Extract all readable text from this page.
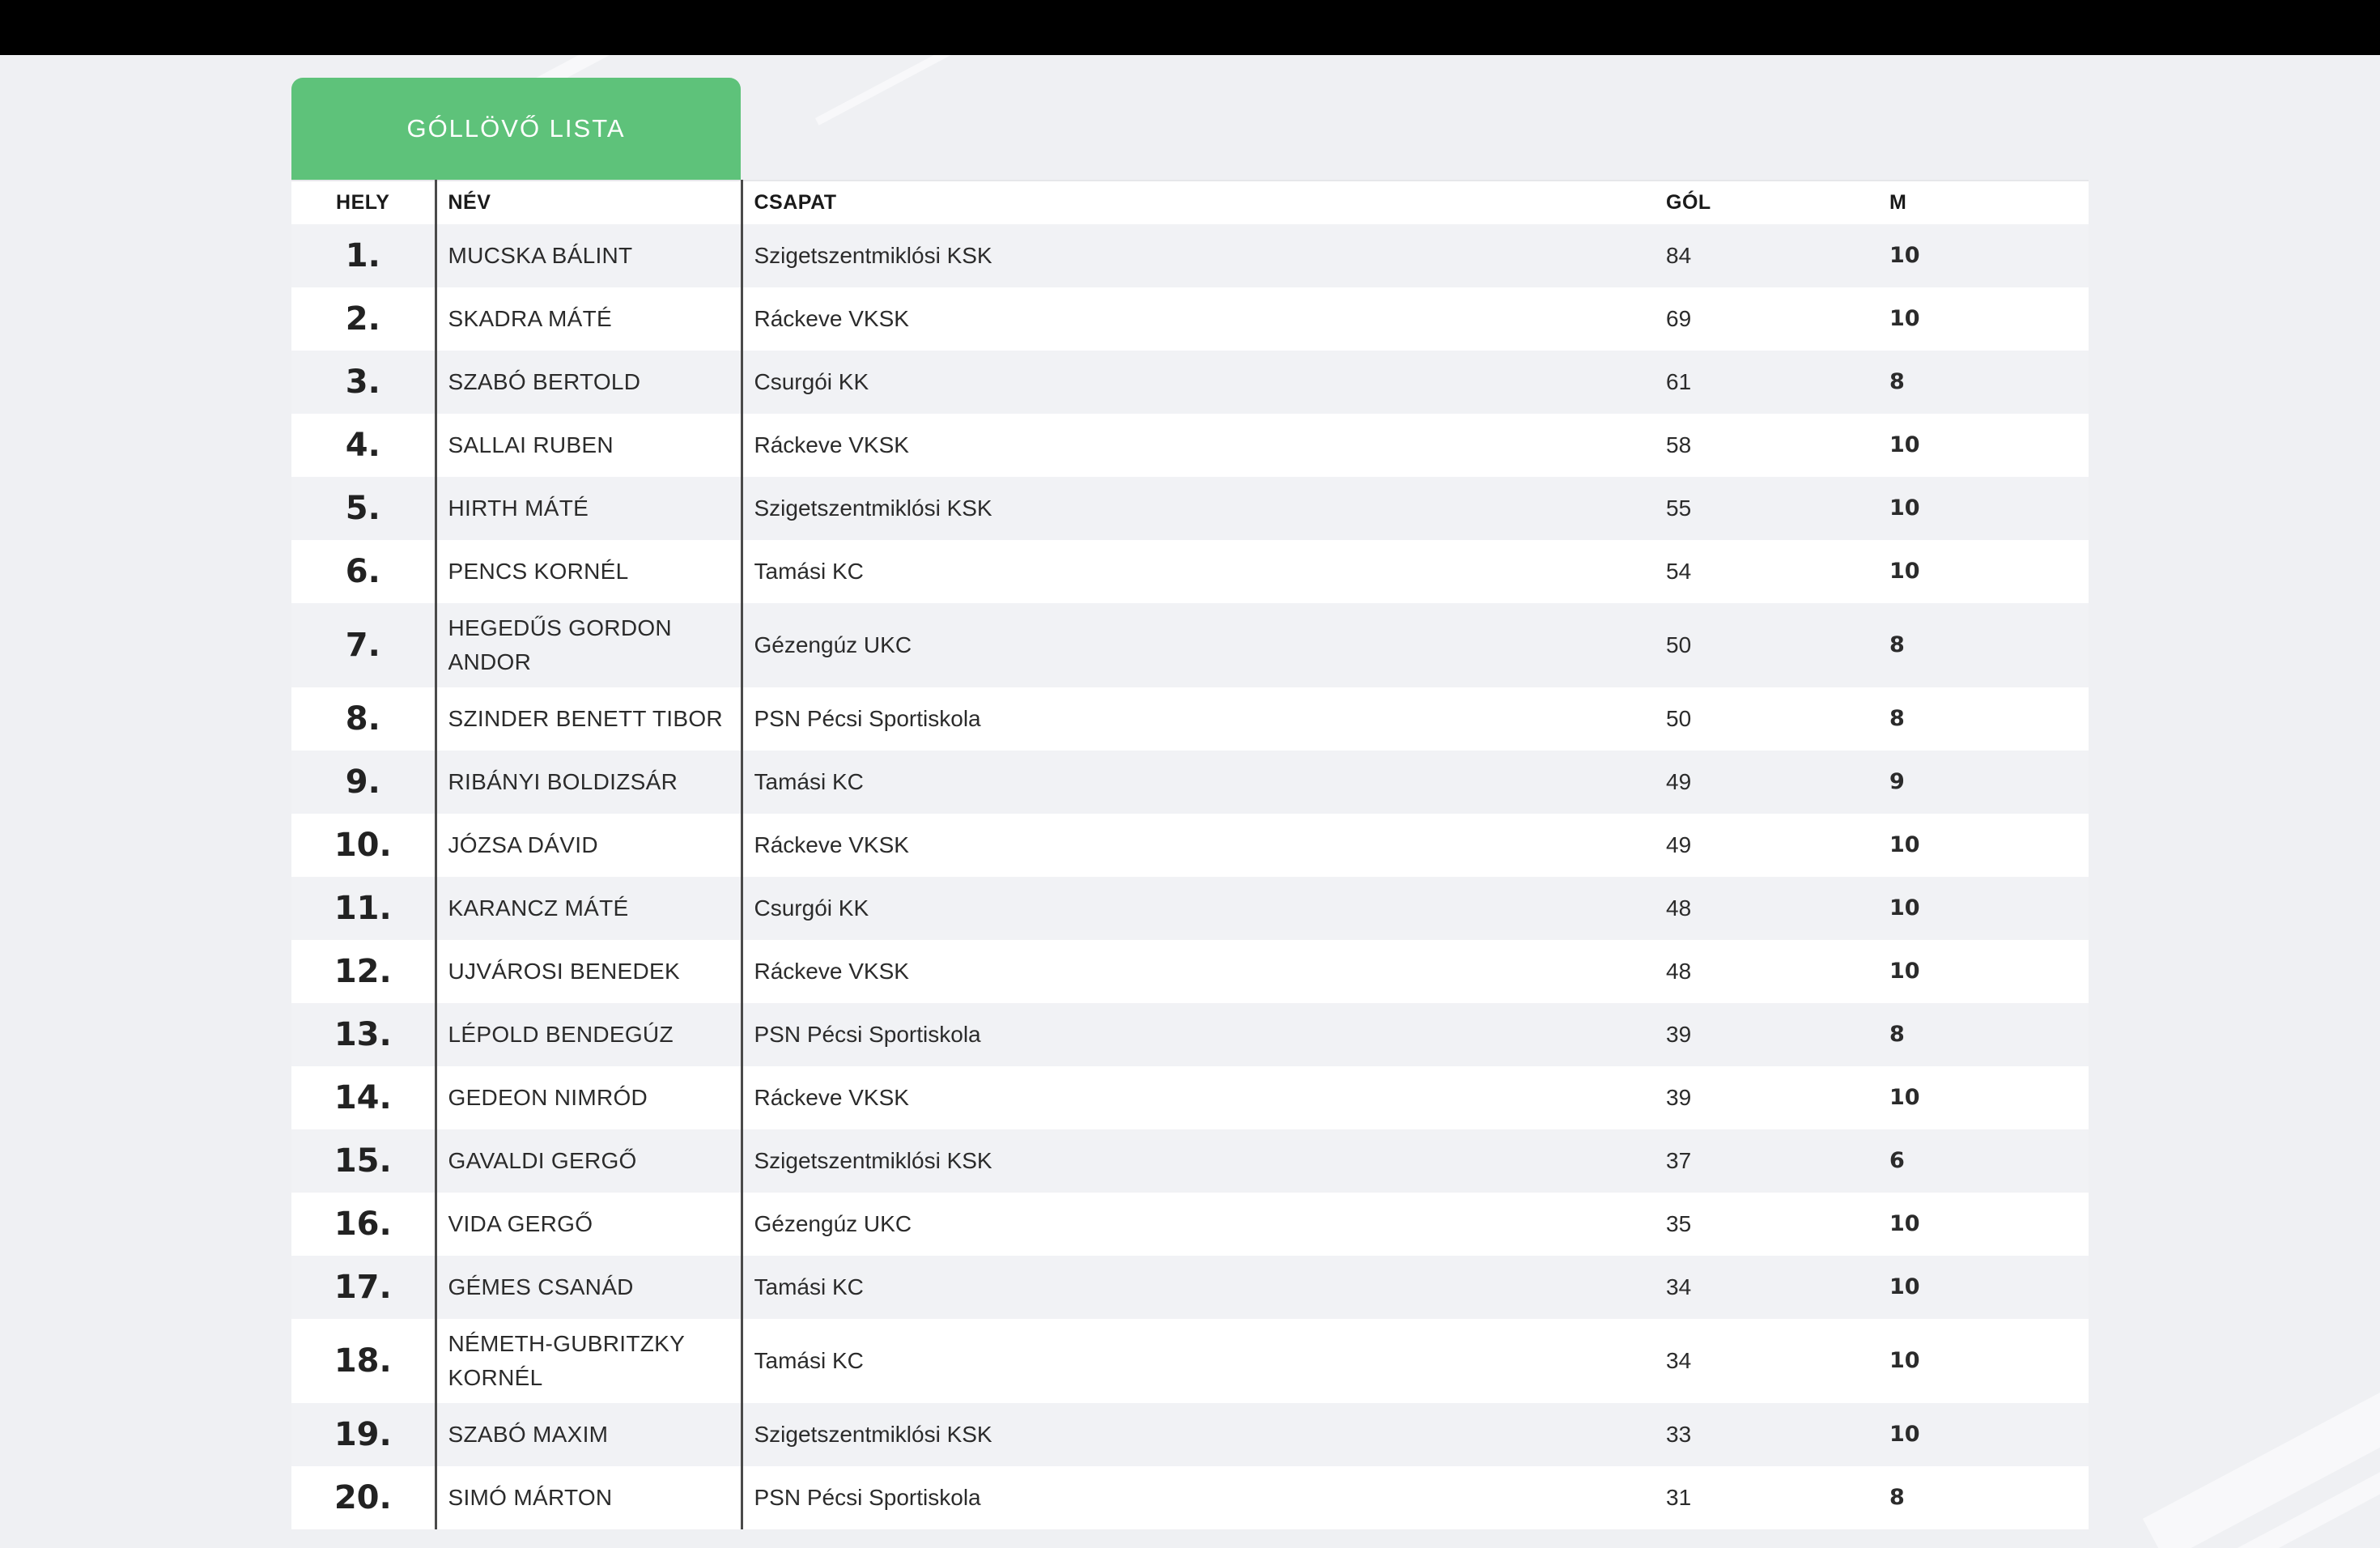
GÓLLÖVŐ LISTA
HELY	NÉV	CSAPAT	GÓL	M
1.	MUCSKA BÁLINT	Szigetszentmiklósi KSK	84	10
2.	SKADRA MÁTÉ	Ráckeve VKSK	69	10
3.	SZABÓ BERTOLD	Csurgói KK	61	8
4.	SALLAI RUBEN	Ráckeve VKSK	58	10
5.	HIRTH MÁTÉ	Szigetszentmiklósi KSK	55	10
6.	PENCS KORNÉL	Tamási KC	54	10
7.	HEGEDŰS GORDON ANDOR	Gézengúz UKC	50	8
8.	SZINDER BENETT TIBOR	PSN Pécsi Sportiskola	50	8
9.	RIBÁNYI BOLDIZSÁR	Tamási KC	49	9
10.	JÓZSA DÁVID	Ráckeve VKSK	49	10
11.	KARANCZ MÁTÉ	Csurgói KK	48	10
12.	UJVÁROSI BENEDEK	Ráckeve VKSK	48	10
13.	LÉPOLD BENDEGÚZ	PSN Pécsi Sportiskola	39	8
14.	GEDEON NIMRÓD	Ráckeve VKSK	39	10
15.	GAVALDI GERGŐ	Szigetszentmiklósi KSK	37	6
16.	VIDA GERGŐ	Gézengúz UKC	35	10
17.	GÉMES CSANÁD	Tamási KC	34	10
18.	NÉMETH-GUBRITZKY KORNÉL	Tamási KC	34	10
19.	SZABÓ MAXIM	Szigetszentmiklósi KSK	33	10
20.	SIMÓ MÁRTON	PSN Pécsi Sportiskola	31	8
